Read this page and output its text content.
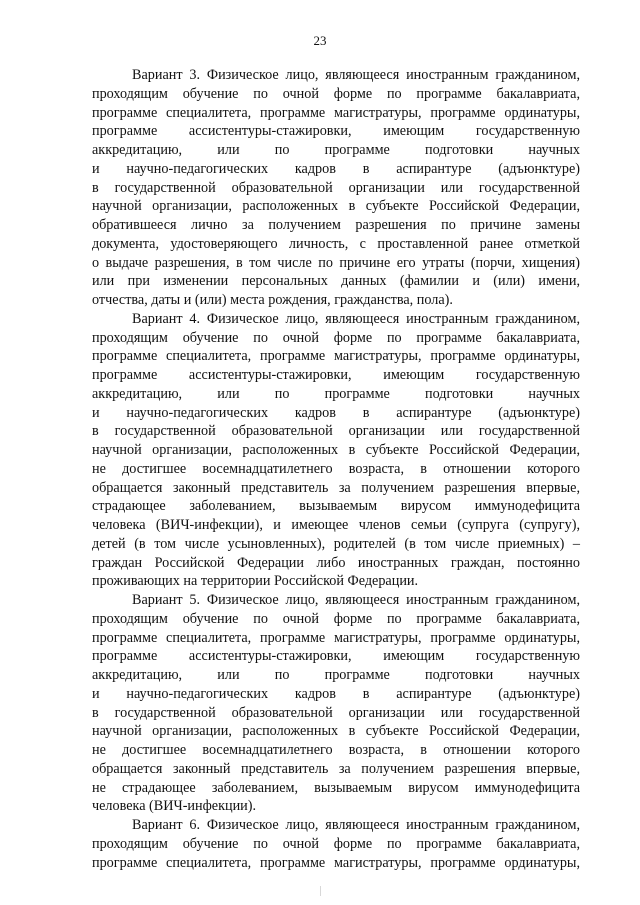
23
Вариант 3. Физическое лицо, являющееся иностранным гражданином,
проходящим обучение по очной форме по программе бакалавриата,
программе специалитета, программе магистратуры, программе ординатуры,
программе ассистентуры-стажировки, имеющим государственную
аккредитацию, или по программе подготовки научных
и научно-педагогических кадров в аспирантуре (адъюнктуре)
в государственной образовательной организации или государственной
научной организации, расположенных в субъекте Российской Федерации,
обратившееся лично за получением разрешения по причине замены
документа, удостоверяющего личность, с проставленной ранее отметкой
о выдаче разрешения, в том числе по причине его утраты (порчи, хищения)
или при изменении персональных данных (фамилии и (или) имени,
отчества, даты и (или) места рождения, гражданства, пола).
Вариант 4. Физическое лицо, являющееся иностранным гражданином,
проходящим обучение по очной форме по программе бакалавриата,
программе специалитета, программе магистратуры, программе ординатуры,
программе ассистентуры-стажировки, имеющим государственную
аккредитацию, или по программе подготовки научных
и научно-педагогических кадров в аспирантуре (адъюнктуре)
в государственной образовательной организации или государственной
научной организации, расположенных в субъекте Российской Федерации,
не достигшее восемнадцатилетнего возраста, в отношении которого
обращается законный представитель за получением разрешения впервые,
страдающее заболеванием, вызываемым вирусом иммунодефицита
человека (ВИЧ-инфекции), и имеющее членов семьи (супруга (супругу),
детей (в том числе усыновленных), родителей (в том числе приемных) –
граждан Российской Федерации либо иностранных граждан, постоянно
проживающих на территории Российской Федерации.
Вариант 5. Физическое лицо, являющееся иностранным гражданином,
проходящим обучение по очной форме по программе бакалавриата,
программе специалитета, программе магистратуры, программе ординатуры,
программе ассистентуры-стажировки, имеющим государственную
аккредитацию, или по программе подготовки научных
и научно-педагогических кадров в аспирантуре (адъюнктуре)
в государственной образовательной организации или государственной
научной организации, расположенных в субъекте Российской Федерации,
не достигшее восемнадцатилетнего возраста, в отношении которого
обращается законный представитель за получением разрешения впервые,
не страдающее заболеванием, вызываемым вирусом иммунодефицита
человека (ВИЧ-инфекции).
Вариант 6. Физическое лицо, являющееся иностранным гражданином,
проходящим обучение по очной форме по программе бакалавриата,
программе специалитета, программе магистратуры, программе ординатуры,
